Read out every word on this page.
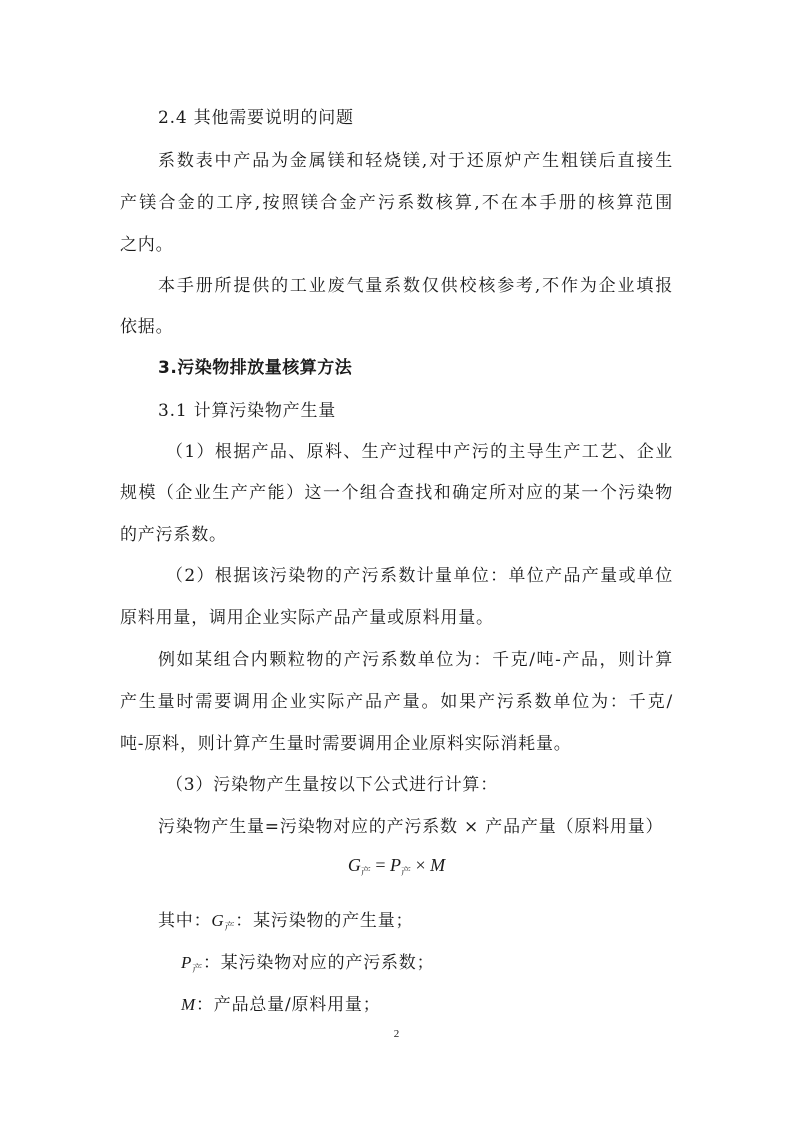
2.4 其他需要说明的问题
系数表中产品为金属镁和轻烧镁,对于还原炉产生粗镁后直接生
产镁合金的工序,按照镁合金产污系数核算,不在本手册的核算范围
之内。
本手册所提供的工业废气量系数仅供校核参考,不作为企业填报
依据。
3.污染物排放量核算方法
3.1 计算污染物产生量
（1）根据产品、原料、生产过程中产污的主导生产工艺、企业
规模（企业生产产能）这一个组合查找和确定所对应的某一个污染物
的产污系数。
（2）根据该污染物的产污系数计量单位：单位产品产量或单位
原料用量，调用企业实际产品产量或原料用量。
例如某组合内颗粒物的产污系数单位为：千克/吨-产品，则计算
产生量时需要调用企业实际产品产量。如果产污系数单位为：千克/
吨-原料，则计算产生量时需要调用企业原料实际消耗量。
（3）污染物产生量按以下公式进行计算：
污染物产生量=污染物对应的产污系数 × 产品产量（原料用量）
$G_产 = P_产 \times M$
其中：$G_产$：某污染物的产生量；
$P_产$：某污染物对应的产污系数；
M：产品总量/原料用量；
2
